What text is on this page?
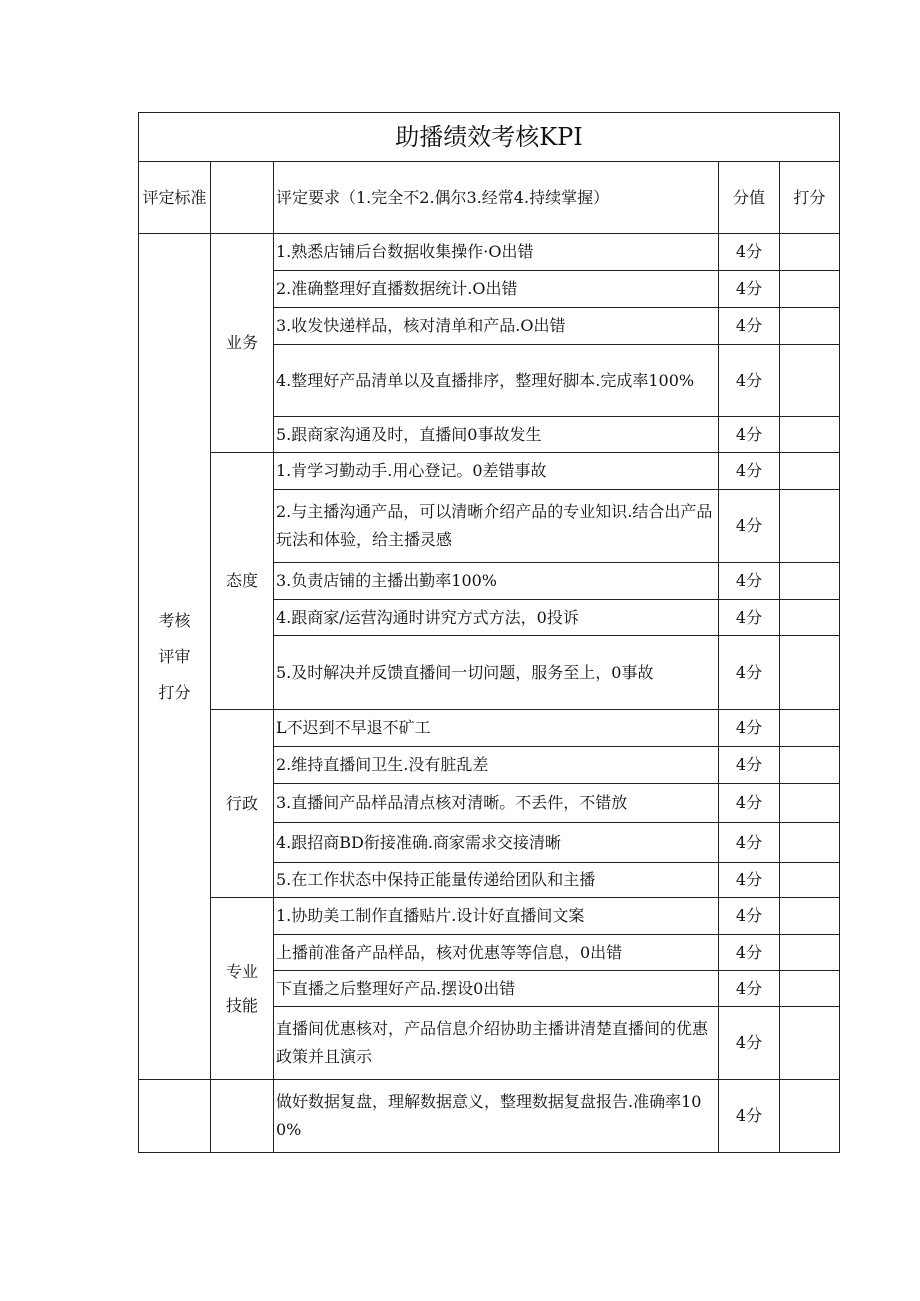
助播绩效考核KPI				
评定标准		评定要求（1.完全不2.偶尔3.经常4.持续掌握）	分值	打分

考核评审打分	业务	1.熟悉店铺后台数据收集操作·O出错	4分	
		2.准确整理好直播数据统计.O出错	4分	
		3.收发快递样品，核对清单和产品.O出错	4分	
		4.整理好产品清单以及直播排序，整理好脚本.完成率100%	4分	
		5.跟商家沟通及时，直播间0事故发生	4分	
	态度	1.肯学习勤动手.用心登记。0差错事故	4分	
		2.与主播沟通产品，可以清晰介绍产品的专业知识.结合出产品玩法和体验，给主播灵感	4分	
		3.负责店铺的主播出勤率100%	4分	
		4.跟商家/运营沟通时讲究方式方法，0投诉	4分	
		5.及时解决并反馈直播间一切问题，服务至上，0事故	4分	
	行政	L不迟到不早退不矿工	4分	
		2.维持直播间卫生.没有脏乱差	4分	
		3.直播间产品样品清点核对清晰。不丢件，不错放	4分	
		4.跟招商BD衔接准确.商家需求交接清晰	4分	
		5.在工作状态中保持正能量传递给团队和主播	4分	

	专业技能	1.协助美工制作直播贴片.设计好直播间文案	4分	
		上播前准备产品样品，核对优惠等等信息，0出错	4分	
		下直播之后整理好产品.摆设0出错	4分	
		直播间优惠核对，产品信息介绍协助主播讲清楚直播间的优惠政策并且演示	4分	
		做好数据复盘，理解数据意义，整理数据复盘报告.准确率100%	4分	
